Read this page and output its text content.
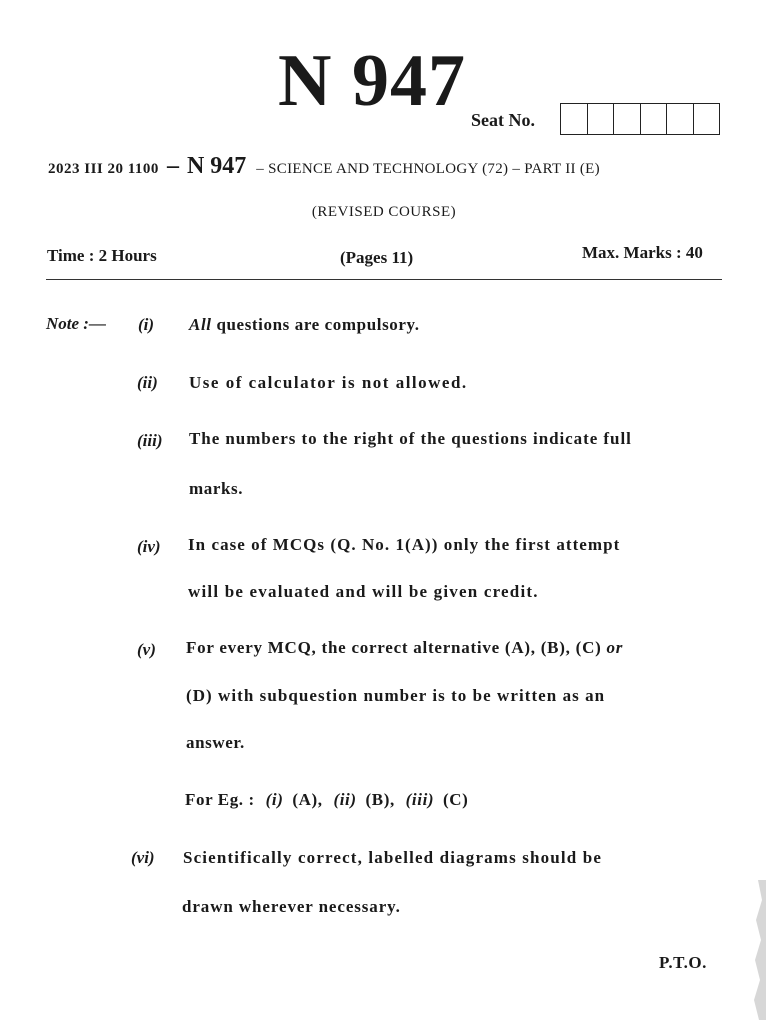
N 947 Seat No.
2023 III 20 1100 – N 947 – SCIENCE AND TECHNOLOGY (72) – PART II (E)
(REVISED COURSE)
Time : 2 Hours	(Pages 11)	Max. Marks : 40
Note :— (i) All questions are compulsory.
(ii) Use of calculator is not allowed.
(iii) The numbers to the right of the questions indicate full
marks.
(iv) In case of MCQs (Q. No. 1(A)) only the first attempt
will be evaluated and will be given credit.
(v) For every MCQ, the correct alternative (A), (B), (C) or
(D) with subquestion number is to be written as an
answer.
For Eg. : (i) (A), (ii) (B), (iii) (C)
(vi) Scientifically correct, labelled diagrams should be
drawn wherever necessary.
P.T.O.
